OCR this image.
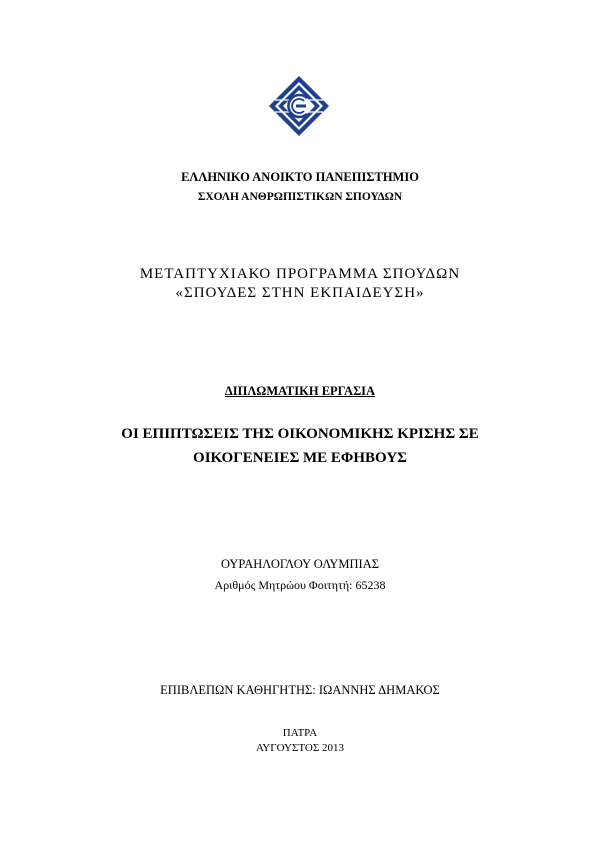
ΕΛΛΗΝΙΚΟ ΑΝΟΙΚΤΟ ΠΑΝΕΠΙΣΤΗΜΙΟ
ΣΧΟΛΗ ΑΝΘΡΩΠΙΣΤΙΚΩΝ ΣΠΟΥΔΩΝ
ΜΕΤΑΠΤΥΧΙΑΚΟ ΠΡΟΓΡΑΜΜΑ ΣΠΟΥΔΩΝ
«ΣΠΟΥΔΕΣ ΣΤΗΝ ΕΚΠΑΙΔΕΥΣΗ»
ΔΙΠΛΩΜΑΤΙΚΗ ΕΡΓΑΣΙΑ
ΟΙ ΕΠΙΠΤΩΣΕΙΣ ΤΗΣ ΟΙΚΟΝΟΜΙΚΗΣ ΚΡΙΣΗΣ ΣΕ
ΟΙΚΟΓΕΝΕΙΕΣ ΜΕ ΕΦΗΒΟΥΣ
ΟΥΡΑΗΛΟΓΛΟΥ ΟΛΥΜΠΙΑΣ
Αριθμός Μητρώου Φοιτητή: 65238
ΕΠΙΒΛΕΠΩΝ ΚΑΘΗΓΗΤΗΣ: ΙΩΑΝΝΗΣ ΔΗΜΑΚΟΣ
ΠΑΤΡΑ
ΑΥΓΟΥΣΤΟΣ 2013
